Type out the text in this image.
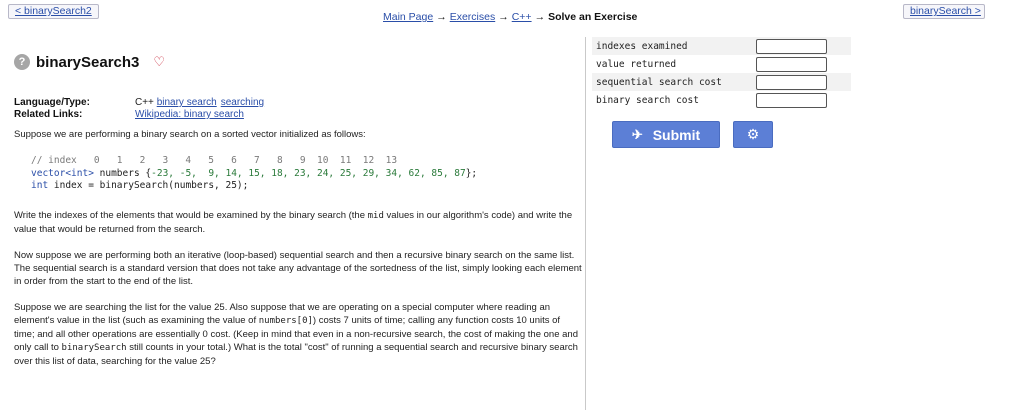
< binarySearch2	Main Page → Exercises → C++ → Solve an Exercise	binarySearch >
? binarySearch3 ♡
Language/Type:	C++ binary search searching
Related Links:	Wikipedia: binary search

Suppose we are performing a binary search on a sorted vector initialized as follows:

// index   0   1   2   3   4   5   6   7   8   9  10  11  12  13
vector<int> numbers {-23, -5,  9, 14, 15, 18, 23, 24, 25, 29, 34, 62, 85, 87};
int index = binarySearch(numbers, 25);

Write the indexes of the elements that would be examined by the binary search (the mid values in our algorithm's code) and write the value that would be returned from the search.

Now suppose we are performing both an iterative (loop-based) sequential search and then a recursive binary search on the same list. The sequential search is a standard version that does not take any advantage of the sortedness of the list, simply looking each element in order from the start to the end of the list.

Suppose we are searching the list for the value 25. Also suppose that we are operating on a special computer where reading an element's value in the list (such as examining the value of numbers[0]) costs 7 units of time; calling any function costs 10 units of time; and all other operations are essentially 0 cost. (Keep in mind that even in a non-recursive search, the cost of making the one and only call to binarySearch still counts in your total.) What is the total "cost" of running a sequential search and recursive binary search over this list of data, searching for the value 25?

indexes examined
value returned
sequential search cost
binary search cost
✈ Submit	⚙
